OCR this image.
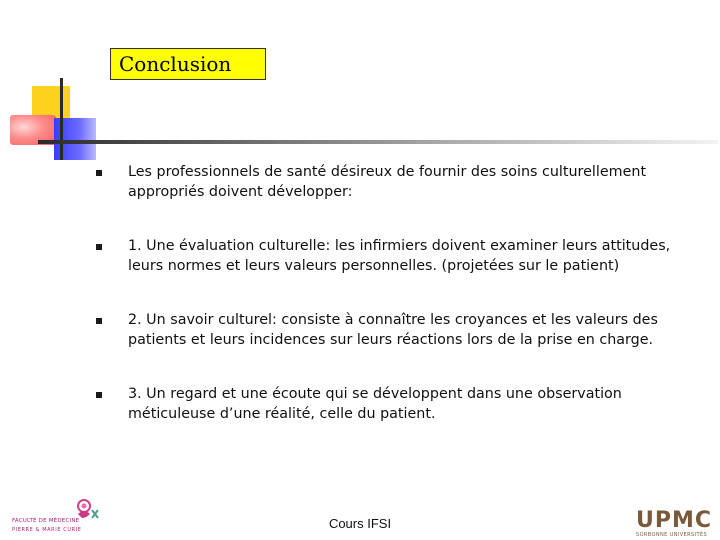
Conclusion
Les professionnels de santé désireux de fournir des soins culturellement appropriés doivent développer:
1. Une évaluation culturelle: les infirmiers doivent examiner leurs attitudes, leurs normes et leurs valeurs personnelles. (projetées sur le patient)
2. Un savoir culturel: consiste à connaître les croyances et les valeurs des patients et leurs incidences sur leurs réactions lors de la prise en charge.
3. Un regard et une écoute qui se développent dans une observation méticuleuse d’une réalité, celle du patient.
Cours IFSI
FACULTÉ DE MÉDECINE
PIERRE & MARIE CURIE	UPMC
SORBONNE UNIVERSITÉS
